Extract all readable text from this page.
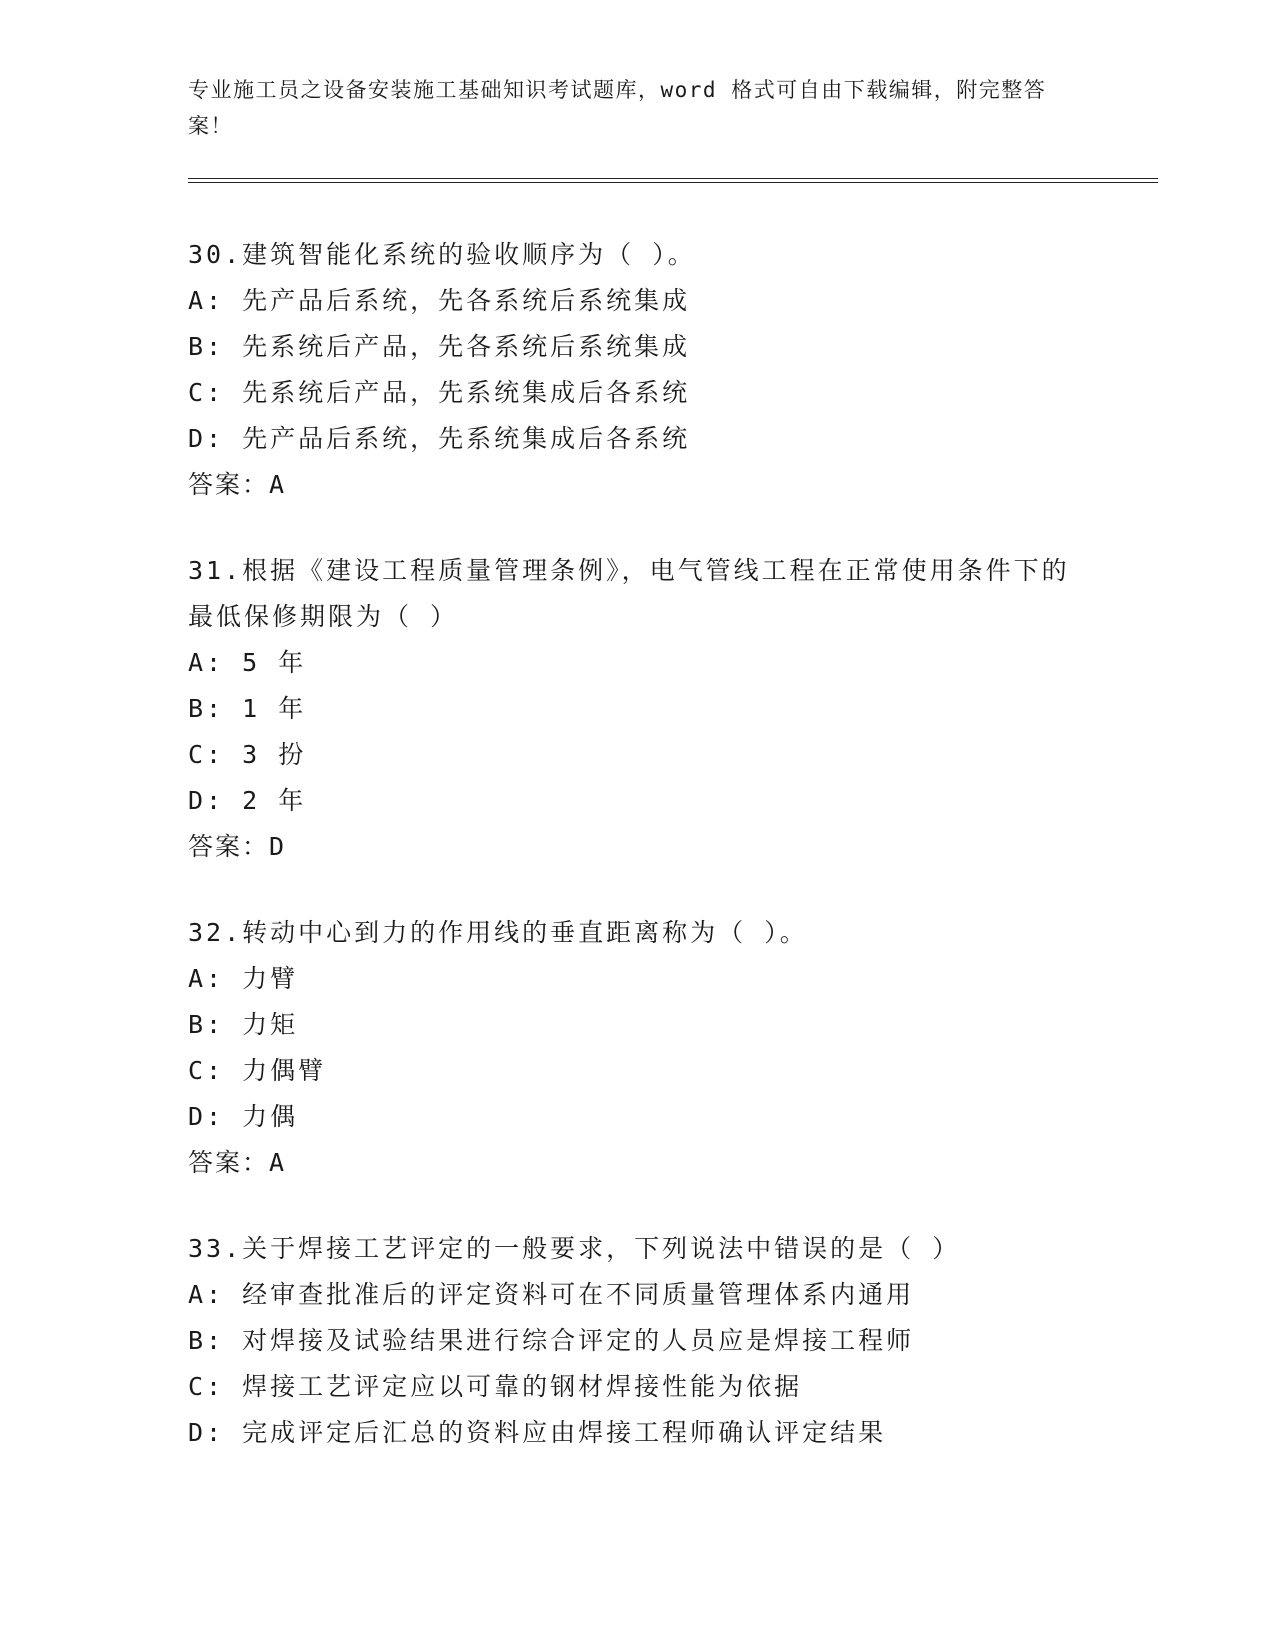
专业施工员之设备安装施工基础知识考试题库，word 格式可自由下载编辑，附完整答案！
30.建筑智能化系统的验收顺序为（ ）。
A: 先产品后系统，先各系统后系统集成
B: 先系统后产品，先各系统后系统集成
C: 先系统后产品，先系统集成后各系统
D: 先产品后系统，先系统集成后各系统
答案：A
31.根据《建设工程质量管理条例》，电气管线工程在正常使用条件下的最低保修期限为（ ）
A: 5 年
B: 1 年
C: 3 扮
D: 2 年
答案：D
32.转动中心到力的作用线的垂直距离称为（ ）。
A: 力臂
B: 力矩
C: 力偶臂
D: 力偶
答案：A
33.关于焊接工艺评定的一般要求，下列说法中错误的是（ ）
A: 经审查批准后的评定资料可在不同质量管理体系内通用
B: 对焊接及试验结果进行综合评定的人员应是焊接工程师
C: 焊接工艺评定应以可靠的钢材焊接性能为依据
D: 完成评定后汇总的资料应由焊接工程师确认评定结果
